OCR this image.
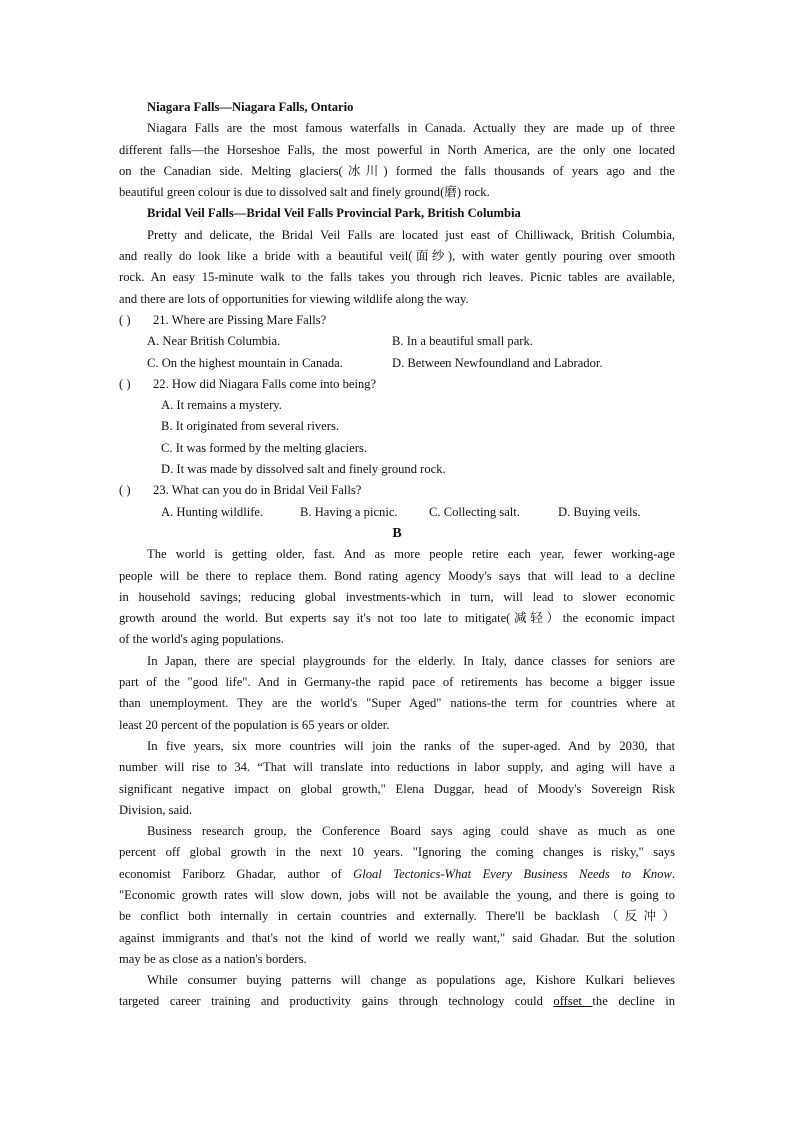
Niagara Falls—Niagara Falls, Ontario
Niagara Falls are the most famous waterfalls in Canada. Actually they are made up of three
different falls—the Horseshoe Falls, the most powerful in North America, are the only one located
on the Canadian side. Melting glaciers(冰川) formed the falls thousands of years ago and the
beautiful green colour is due to dissolved salt and finely ground(磨) rock.
Bridal Veil Falls—Bridal Veil Falls Provincial Park, British Columbia
Pretty and delicate, the Bridal Veil Falls are located just east of Chilliwack, British Columbia,
and really do look like a bride with a beautiful veil(面纱), with water gently pouring over smooth
rock. An easy 15-minute walk to the falls takes you through rich leaves. Picnic tables are available,
and there are lots of opportunities for viewing wildlife along the way.
( )	21. Where are Pissing Mare Falls?
A. Near British Columbia.	B. In a beautiful small park.
C. On the highest mountain in Canada.	D. Between Newfoundland and Labrador.
( )	22. How did Niagara Falls come into being?
A. It remains a mystery.
B. It originated from several rivers.
C. It was formed by the melting glaciers.
D. It was made by dissolved salt and finely ground rock.
( )	23. What can you do in Bridal Veil Falls?
A. Hunting wildlife.	B. Having a picnic.	C. Collecting salt.	D. Buying veils.
B
The world is getting older, fast. And as more people retire each year, fewer working-age
people will be there to replace them. Bond rating agency Moody's says that will lead to a decline
in household savings; reducing global investments-which in turn, will lead to slower economic
growth around the world. But experts say it's not too late to mitigate(减轻）the economic impact
of the world's aging populations.
In Japan, there are special playgrounds for the elderly. In Italy, dance classes for seniors are
part of the "good life". And in Germany-the rapid pace of retirements has become a bigger issue
than unemployment. They are the world's "Super Aged" nations-the term for countries where at
least 20 percent of the population is 65 years or older.
In five years, six more countries will join the ranks of the super-aged. And by 2030, that
number will rise to 34. “That will translate into reductions in labor supply, and aging will have a
significant negative impact on global growth," Elena Duggar, head of Moody's Sovereign Risk
Division, said.
Business research group, the Conference Board says aging could shave as much as one
percent off global growth in the next 10 years. "Ignoring the coming changes is risky," says
economist Fariborz Ghadar, author of Gloal Tectonics-What Every Business Needs to Know.
"Economic growth rates will slow down, jobs will not be available the young, and there is going to
be conflict both internally in certain countries and externally. There'll be backlash（反冲）
against immigrants and that's not the kind of world we really want," said Ghadar. But the solution
may be as close as a nation's borders.
While consumer buying patterns will change as populations age, Kishore Kulkari believes
targeted career training and productivity gains through technology could offset the decline in
